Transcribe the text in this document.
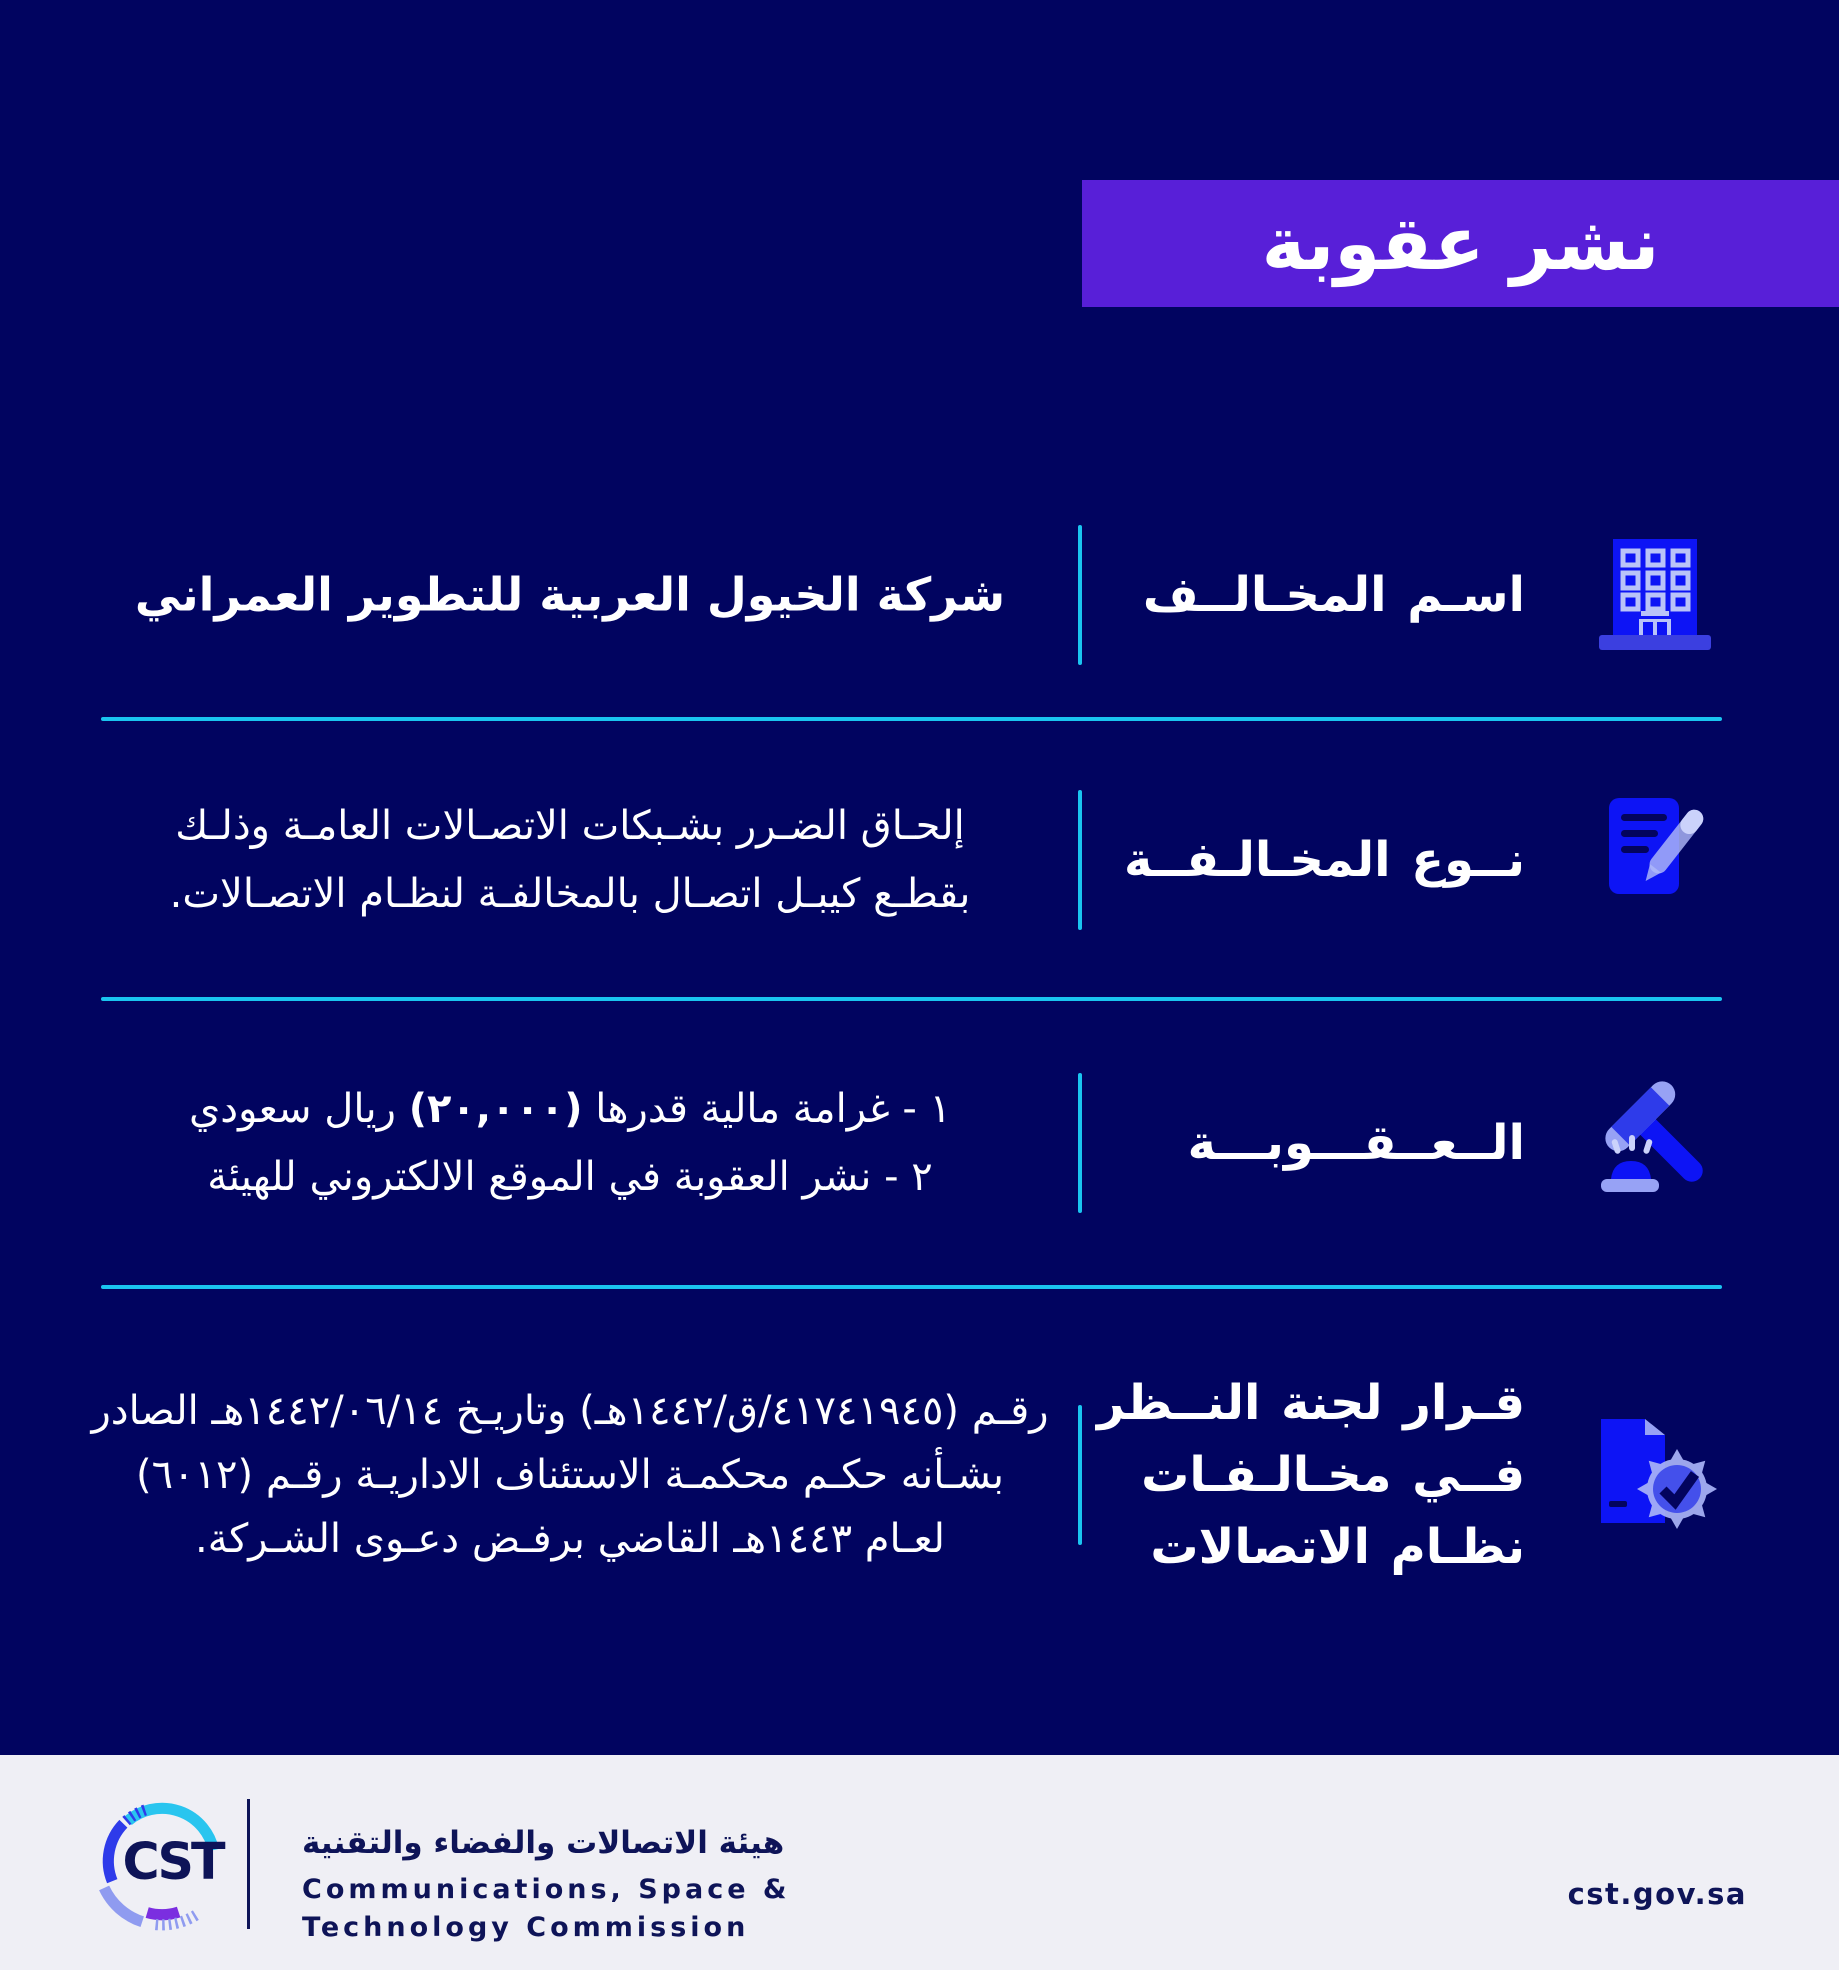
نشر عقوبة
اسـم المخـالــف
شركة الخيول العربية للتطوير العمراني
نــوع المخـالـفــة
إلحـاق الضـرر بشـبكات الاتصـالات العامـة وذلـك
بقطـع كيبـل اتصـال بالمخالفـة لنظـام الاتصـالات.
الــعــقـــوبـــة
١ - غرامة مالية قدرها (٢٠,٠٠٠) ريال سعودي
٢ - نشر العقوبة في الموقع الالكتروني للهيئة
قـرار لجنة النــظر
فــي مخـالـفـات
نظـام الاتصالات
رقـم (٤١٧٤١٩٤٥/ق/١٤٤٢هـ) وتاريـخ ١٤٤٢/٠٦/١٤هـ الصادر
بشـأنه حكـم محكمـة الاستئناف الاداريـة رقـم (٦٠١٢)
لعـام ١٤٤٣هـ القاضي برفـض دعـوى الشـركة.
CST	هيئة الاتصالات والفضاء والتقنية
Communications, Space &
Technology Commission
cst.gov.sa
